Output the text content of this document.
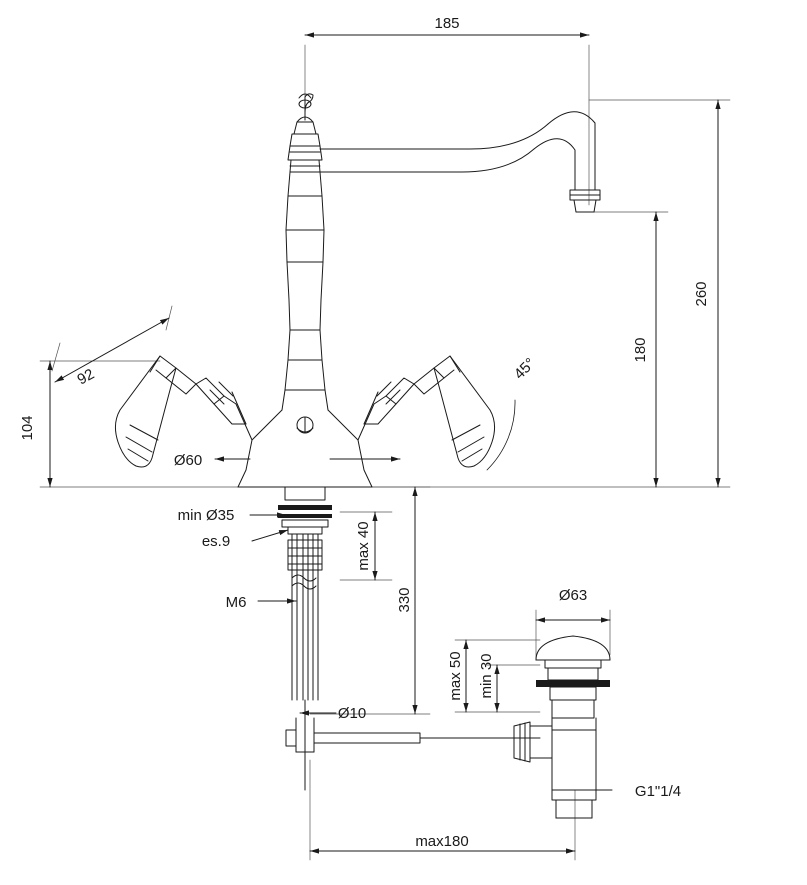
185
260
180
92
104
Ø60
45°
min Ø35
es.9
M6
max 40
330
Ø10
max 50 min 30
Ø63
G1"1/4
max180
